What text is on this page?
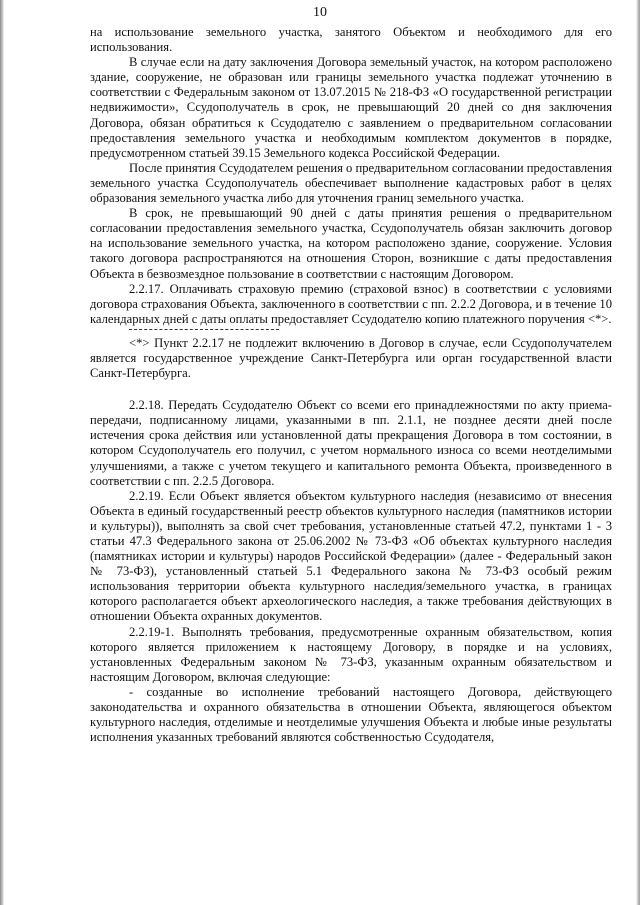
10

на использование земельного участка, занятого Объектом и необходимого для его использования.

В случае если на дату заключения Договора земельный участок, на котором расположено здание, сооружение, не образован или границы земельного участка подлежат уточнению в соответствии с Федеральным законом от 13.07.2015 № 218-ФЗ «О государственной регистрации недвижимости», Ссудополучатель в срок, не превышающий 20 дней со дня заключения Договора, обязан обратиться к Ссудодателю с заявлением о предварительном согласовании предоставления земельного участка и необходимым комплектом документов в порядке, предусмотренном статьей 39.15 Земельного кодекса Российской Федерации.

После принятия Ссудодателем решения о предварительном согласовании предоставления земельного участка Ссудополучатель обеспечивает выполнение кадастровых работ в целях образования земельного участка либо для уточнения границ земельного участка.

В срок, не превышающий 90 дней с даты принятия решения о предварительном согласовании предоставления земельного участка, Ссудополучатель обязан заключить договор на использование земельного участка, на котором расположено здание, сооружение. Условия такого договора распространяются на отношения Сторон, возникшие с даты предоставления Объекта в безвозмездное пользование в соответствии с настоящим Договором.

2.2.17. Оплачивать страховую премию (страховой взнос) в соответствии с условиями договора страхования Объекта, заключенного в соответствии с пп. 2.2.2 Договора, и в течение 10 календарных дней с даты оплаты предоставляет Ссудодателю копию платежного поручения <*>.

<*> Пункт 2.2.17 не подлежит включению в Договор в случае, если Ссудополучателем является государственное учреждение Санкт-Петербурга или орган государственной власти Санкт-Петербурга.

2.2.18. Передать Ссудодателю Объект со всеми его принадлежностями по акту приема-передачи, подписанному лицами, указанными в пп. 2.1.1, не позднее десяти дней после истечения срока действия или установленной даты прекращения Договора в том состоянии, в котором Ссудополучатель его получил, с учетом нормального износа со всеми неотделимыми улучшениями, а также с учетом текущего и капитального ремонта Объекта, произведенного в соответствии с пп. 2.2.5 Договора.

2.2.19. Если Объект является объектом культурного наследия (независимо от внесения Объекта в единый государственный реестр объектов культурного наследия (памятников истории и культуры)), выполнять за свой счет требования, установленные статьей 47.2, пунктами 1 - 3 статьи 47.3 Федерального закона от 25.06.2002 № 73-ФЗ «Об объектах культурного наследия (памятниках истории и культуры) народов Российской Федерации» (далее - Федеральный закон № 73-ФЗ), установленный статьей 5.1 Федерального закона № 73-ФЗ особый режим использования территории объекта культурного наследия/земельного участка, в границах которого располагается объект археологического наследия, а также требования действующих в отношении Объекта охранных документов.

2.2.19-1. Выполнять требования, предусмотренные охранным обязательством, копия которого является приложением к настоящему Договору, в порядке и на условиях, установленных Федеральным законом № 73-ФЗ, указанным охранным обязательством и настоящим Договором, включая следующие:

- созданные во исполнение требований настоящего Договора, действующего законодательства и охранного обязательства в отношении Объекта, являющегося объектом культурного наследия, отделимые и неотделимые улучшения Объекта и любые иные результаты исполнения указанных требований являются собственностью Ссудодателя,
